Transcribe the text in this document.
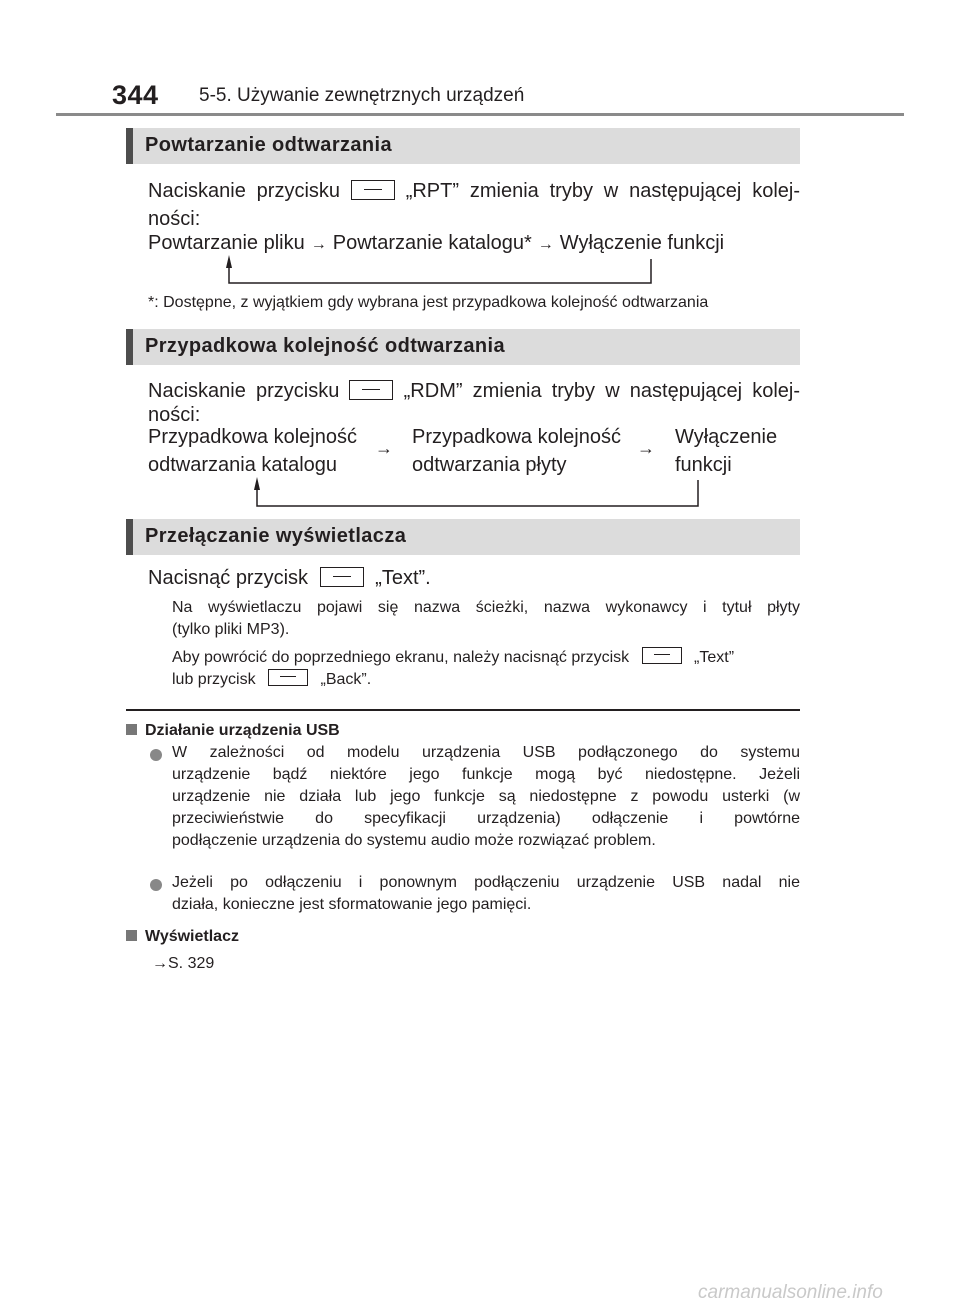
344 5-5. Używanie zewnętrznych urządzeń
Powtarzanie odtwarzania
Naciskanie przycisku	„RPT” zmienia tryby w następującej kolej-
ności:
Powtarzanie pliku → Powtarzanie katalogu* → Wyłączenie funkcji
*: Dostępne, z wyjątkiem gdy wybrana jest przypadkowa kolejność odtwarzania
Przypadkowa kolejność odtwarzania
Naciskanie przycisku	„RDM” zmienia tryby w następującej kolej-
ności:
Przypadkowa kolejność
odtwarzania katalogu
→ Przypadkowa kolejność
odtwarzania płyty
→ Wyłączenie
funkcji
Przełączanie wyświetlacza
Nacisnąć przycisk	„Text”.
Na wyświetlaczu pojawi się nazwa ścieżki, nazwa wykonawcy i tytuł płyty
(tylko pliki MP3).
Aby powrócić do poprzedniego ekranu, należy nacisnąć przycisk	„Text”
lub przycisk	„Back”.
Działanie urządzenia USB
W zależności od modelu urządzenia USB podłączonego do systemu
urządzenie bądź niektóre jego funkcje mogą być niedostępne. Jeżeli
urządzenie nie działa lub jego funkcje są niedostępne z powodu usterki (w
przeciwieństwie do specyfikacji urządzenia) odłączenie i powtórne
podłączenie urządzenia do systemu audio może rozwiązać problem.
Jeżeli po odłączeniu i ponownym podłączeniu urządzenie USB nadal nie
działa, konieczne jest sformatowanie jego pamięci.
Wyświetlacz
→S. 329
carmanualsonline.info
